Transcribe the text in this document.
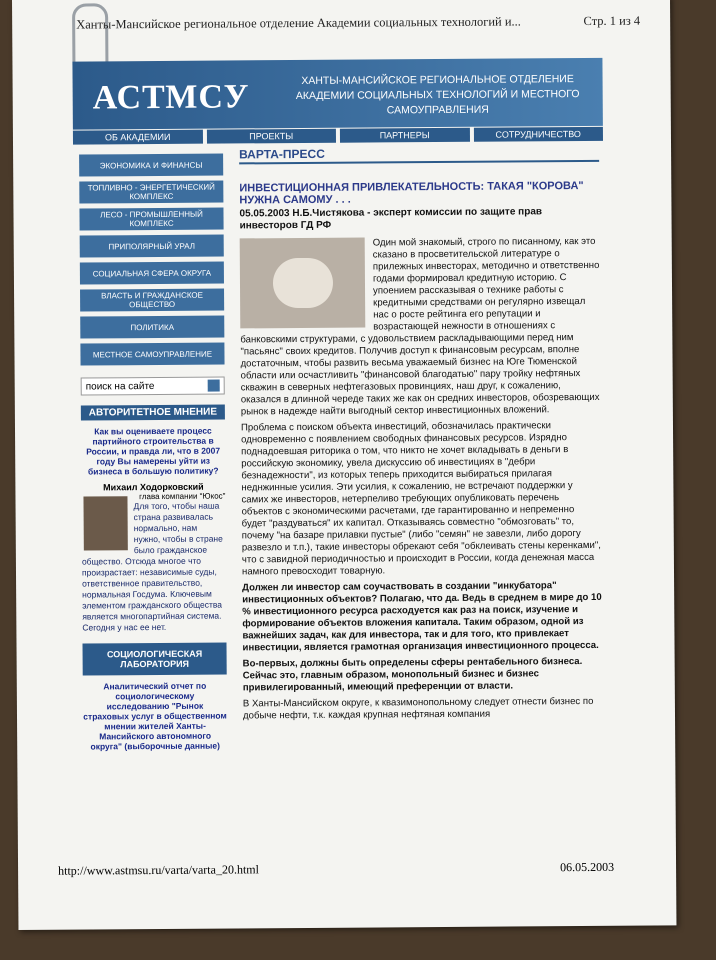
Ханты-Мансийское региональное отделение Академии социальных технологий и...	Стр. 1 из 4
АСТМСУ	ХАНТЫ-МАНСИЙСКОЕ РЕГИОНАЛЬНОЕ ОТДЕЛЕНИЕ АКАДЕМИИ СОЦИАЛЬНЫХ ТЕХНОЛОГИЙ И МЕСТНОГО САМОУПРАВЛЕНИЯ
ОБ АКАДЕМИИ	ПРОЕКТЫ	ПАРТНЕРЫ	СОТРУДНИЧЕСТВО
ЭКОНОМИКА И ФИНАНСЫ
ТОПЛИВНО - ЭНЕРГЕТИЧЕСКИЙ КОМПЛЕКС
ЛЕСО - ПРОМЫШЛЕННЫЙ КОМПЛЕКС
ПРИПОЛЯРНЫЙ УРАЛ
СОЦИАЛЬНАЯ СФЕРА ОКРУГА
ВЛАСТЬ И ГРАЖДАНСКОЕ ОБЩЕСТВО
ПОЛИТИКА
МЕСТНОЕ САМОУПРАВЛЕНИЕ
поиск на сайте
АВТОРИТЕТНОЕ МНЕНИЕ
Как вы оцениваете процесс партийного строительства в России, и правда ли, что в 2007 году Вы намерены уйти из бизнеса в большую политику?
Михаил Ходорковский
глава компании "Юкос"
Для того, чтобы наша страна развивалась нормально, нам нужно, чтобы в стране было гражданское общество. Отсюда многое что произрастает: независимые суды, ответственное правительство, нормальная Госдума. Ключевым элементом гражданского общества является многопартийная система. Сегодня у нас ее нет.
СОЦИОЛОГИЧЕСКАЯ ЛАБОРАТОРИЯ
Аналитический отчет по социологическому исследованию "Рынок страховых услуг в общественном мнении жителей Ханты-Мансийского автономного округа" (выборочные данные)
ВАРТА-ПРЕСС
ИНВЕСТИЦИОННАЯ ПРИВЛЕКАТЕЛЬНОСТЬ: ТАКАЯ "КОРОВА" НУЖНА САМОМУ . . .
05.05.2003 Н.Б.Чистякова - эксперт комиссии по защите прав инвесторов ГД РФ

Один мой знакомый, строго по писанному, как это сказано в просветительской литературе о прилежных инвесторах, методично и ответственно годами формировал кредитную историю. С упоением рассказывая о технике работы с кредитными средствами он регулярно извещал нас о росте рейтинга его репутации и возрастающей нежности в отношениях с банковскими структурами, с удовольствием раскладывающими перед ним "пасьянс" своих кредитов. Получив доступ к финансовым ресурсам, вполне достаточным, чтобы развить весьма уважаемый бизнес на Юге Тюменской области или осчастливить "финансовой благодатью" пару тройку нефтяных скважин в северных нефтегазовых провинциях, наш друг, к сожалению, оказался в длинной череде таких же как он средних инвесторов, обозревающих рынок в надежде найти выгодный сектор инвестиционных вложений.

Проблема с поиском объекта инвестиций, обозначилась практически одновременно с появлением свободных финансовых ресурсов. Изрядно поднадоевшая риторика о том, что никто не хочет вкладывать в деньги в российскую экономику, увела дискуссию об инвестициях в "дебри безнадежности", из которых теперь приходится выбираться прилагая неднжинные усилия. Эти усилия, к сожалению, не встречают поддержки у самих же инвесторов, нетерпеливо требующих опубликовать перечень объектов с экономическими расчетами, где гарантированно и непременно будет "раздуваться" их капитал. Отказываясь совместно "обмозговать" то, почему "на базаре прилавки пустые" (либо "семян" не завезли, либо дорогу развезло и т.п.), такие инвесторы обрекают себя "обклеивать стены керенками", что с завидной периодичностью и происходит в России, когда денежная масса намного превосходит товарную.

Должен ли инвестор сам соучаствовать в создании "инкубатора" инвестиционных объектов? Полагаю, что да. Ведь в среднем в мире до 10 % инвестиционного ресурса расходуется как раз на поиск, изучение и формирование объектов вложения капитала. Таким образом, одной из важнейших задач, как для инвестора, так и для того, кто привлекает инвестиции, является грамотная организация инвестиционного процесса.

Во-первых, должны быть определены сферы рентабельного бизнеса. Сейчас это, главным образом, монопольный бизнес и бизнес привилегированный, имеющий преференции от власти.

В Ханты-Мансийском округе, к квазимонопольному следует отнести бизнес по добыче нефти, т.к. каждая крупная нефтяная компания

http://www.astmsu.ru/varta/varta_20.html	06.05.2003
